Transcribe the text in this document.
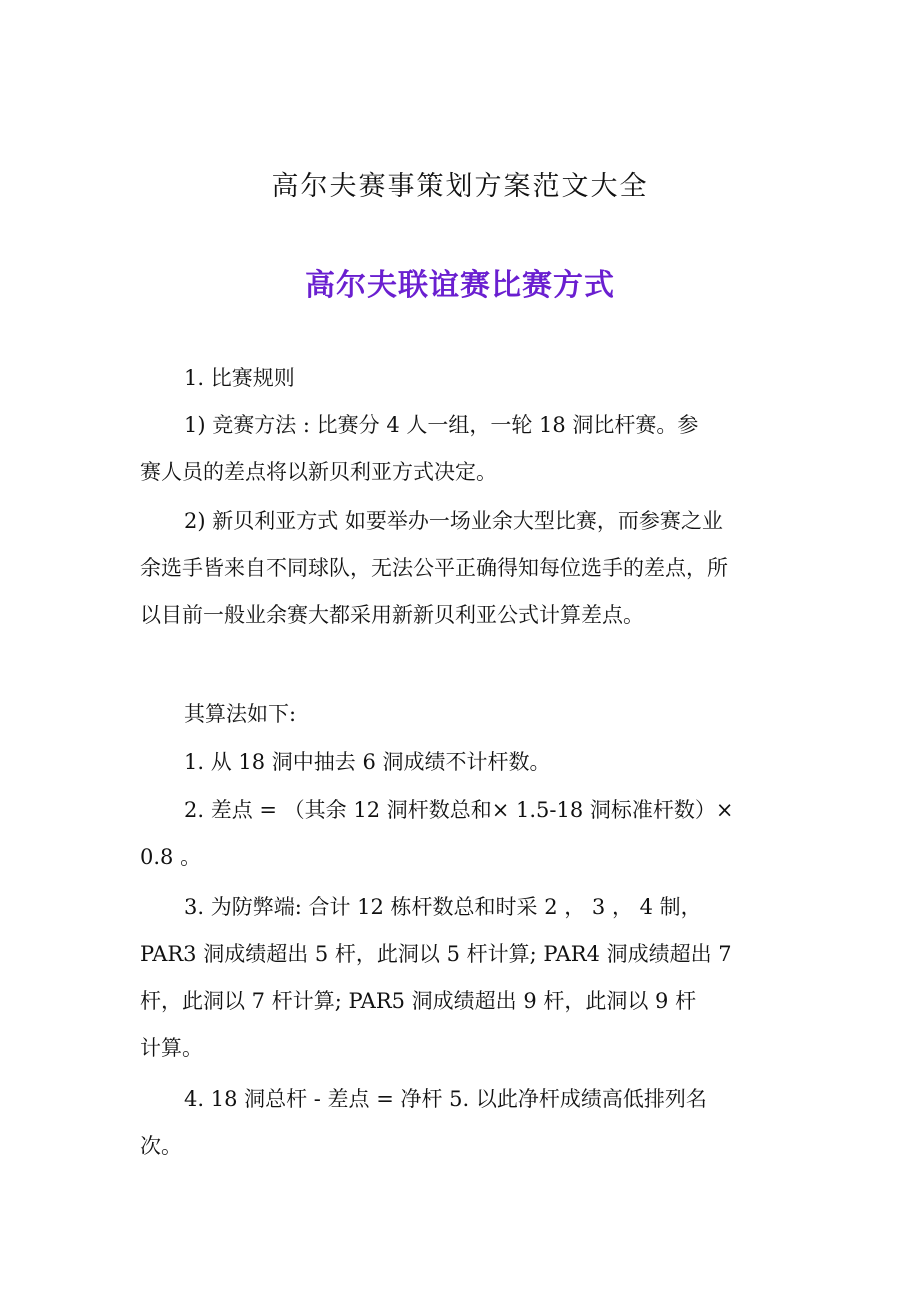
高尔夫赛事策划方案范文大全
高尔夫联谊赛比赛方式
1. 比赛规则
1) 竞赛方法 : 比赛分 4 人一组，一轮 18 洞比杆赛。参
赛人员的差点将以新贝利亚方式决定。
2) 新贝利亚方式 如要举办一场业余大型比赛，而参赛之业
余选手皆来自不同球队，无法公平正确得知每位选手的差点，所
以目前一般业余赛大都采用新新贝利亚公式计算差点。
其算法如下:
1. 从 18 洞中抽去 6 洞成绩不计杆数。
2. 差点 = （其余 12 洞杆数总和× 1.5-18 洞标准杆数）×
0.8 。
3. 为防弊端: 合计 12 栋杆数总和时采 2 ， 3 ， 4 制，
PAR3 洞成绩超出 5 杆，此洞以 5 杆计算; PAR4 洞成绩超出 7
杆，此洞以 7 杆计算; PAR5 洞成绩超出 9 杆，此洞以 9 杆
计算。
4. 18 洞总杆 - 差点 = 净杆 5. 以此净杆成绩高低排列名
次。
